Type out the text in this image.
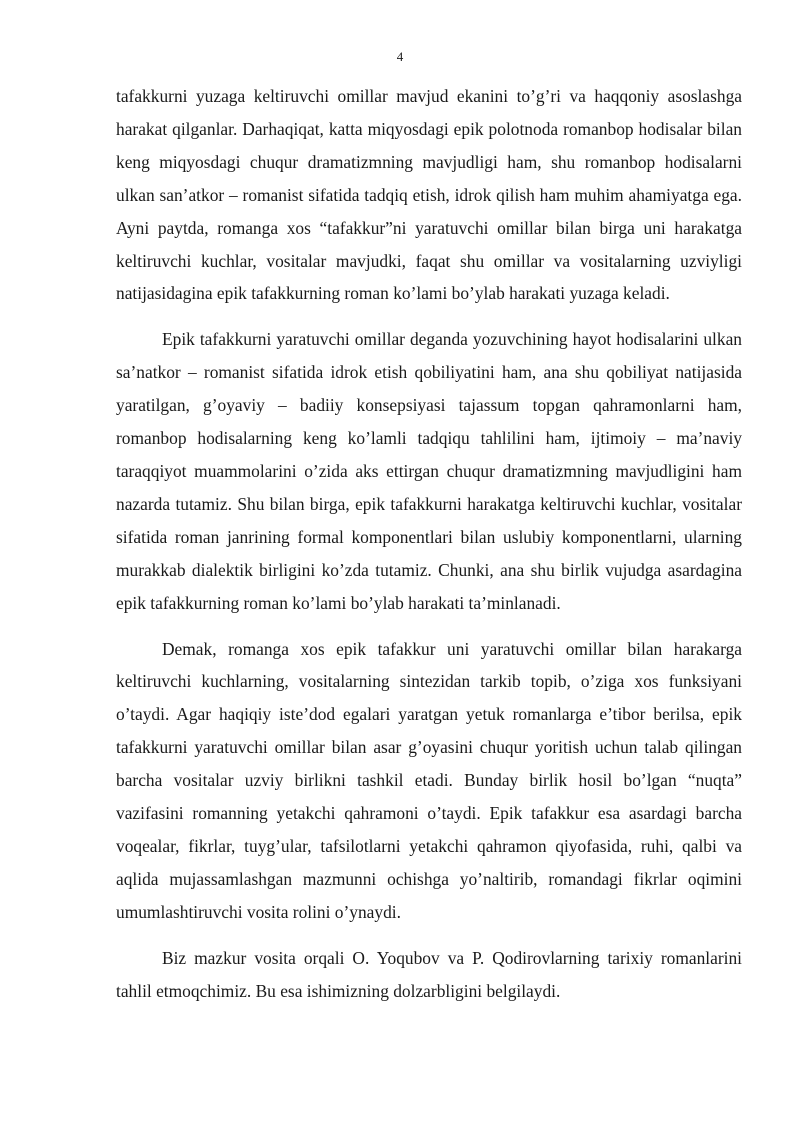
4

tafakkurni yuzaga keltiruvchi omillar mavjud ekanini to’g’ri va haqqoniy asoslashga harakat qilganlar. Darhaqiqat, katta miqyosdagi epik polotnoda romanbop hodisalar bilan keng miqyosdagi chuqur dramatizmning mavjudligi ham, shu romanbop hodisalarni ulkan san’atkor – romanist sifatida tadqiq etish, idrok qilish ham muhim ahamiyatga ega. Ayni paytda, romanga xos “tafakkur”ni yaratuvchi omillar bilan birga uni harakatga keltiruvchi kuchlar, vositalar mavjudki, faqat shu omillar va vositalarning uzviyligi natijasidagina epik tafakkurning roman ko’lami bo’ylab harakati yuzaga keladi.

Epik tafakkurni yaratuvchi omillar deganda yozuvchining hayot hodisalarini ulkan sa’natkor – romanist sifatida idrok etish qobiliyatini ham, ana shu qobiliyat natijasida yaratilgan, g’oyaviy – badiiy konsepsiyasi tajassum topgan qahramonlarni ham, romanbop hodisalarning keng ko’lamli tadqiqu tahlilini ham, ijtimoiy – ma’naviy taraqqiyot muammolarini o’zida aks ettirgan chuqur dramatizmning mavjudligini ham nazarda tutamiz. Shu bilan birga, epik tafakkurni harakatga keltiruvchi kuchlar, vositalar sifatida roman janrining formal komponentlari bilan uslubiy komponentlarni, ularning murakkab dialektik birligini ko’zda tutamiz. Chunki, ana shu birlik vujudga asardagina epik tafakkurning roman ko’lami bo’ylab harakati ta’minlanadi.

Demak, romanga xos epik tafakkur uni yaratuvchi omillar bilan harakarga keltiruvchi kuchlarning, vositalarning sintezidan tarkib topib, o’ziga xos funksiyani o’taydi. Agar haqiqiy iste’dod egalari yaratgan yetuk romanlarga e’tibor berilsa, epik tafakkurni yaratuvchi omillar bilan asar g’oyasini chuqur yoritish uchun talab qilingan barcha vositalar uzviy birlikni tashkil etadi. Bunday birlik hosil bo’lgan “nuqta” vazifasini romanning yetakchi qahramoni o’taydi. Epik tafakkur esa asardagi barcha voqealar, fikrlar, tuyg’ular, tafsilotlarni yetakchi qahramon qiyofasida, ruhi, qalbi va aqlida mujassamlashgan mazmunni ochishga yo’naltirib, romandagi fikrlar oqimini umumlashtiruvchi vosita rolini o’ynaydi.

Biz mazkur vosita orqali O. Yoqubov va P. Qodirovlarning tarixiy romanlarini tahlil etmoqchimiz. Bu esa ishimizning dolzarbligini belgilaydi.
